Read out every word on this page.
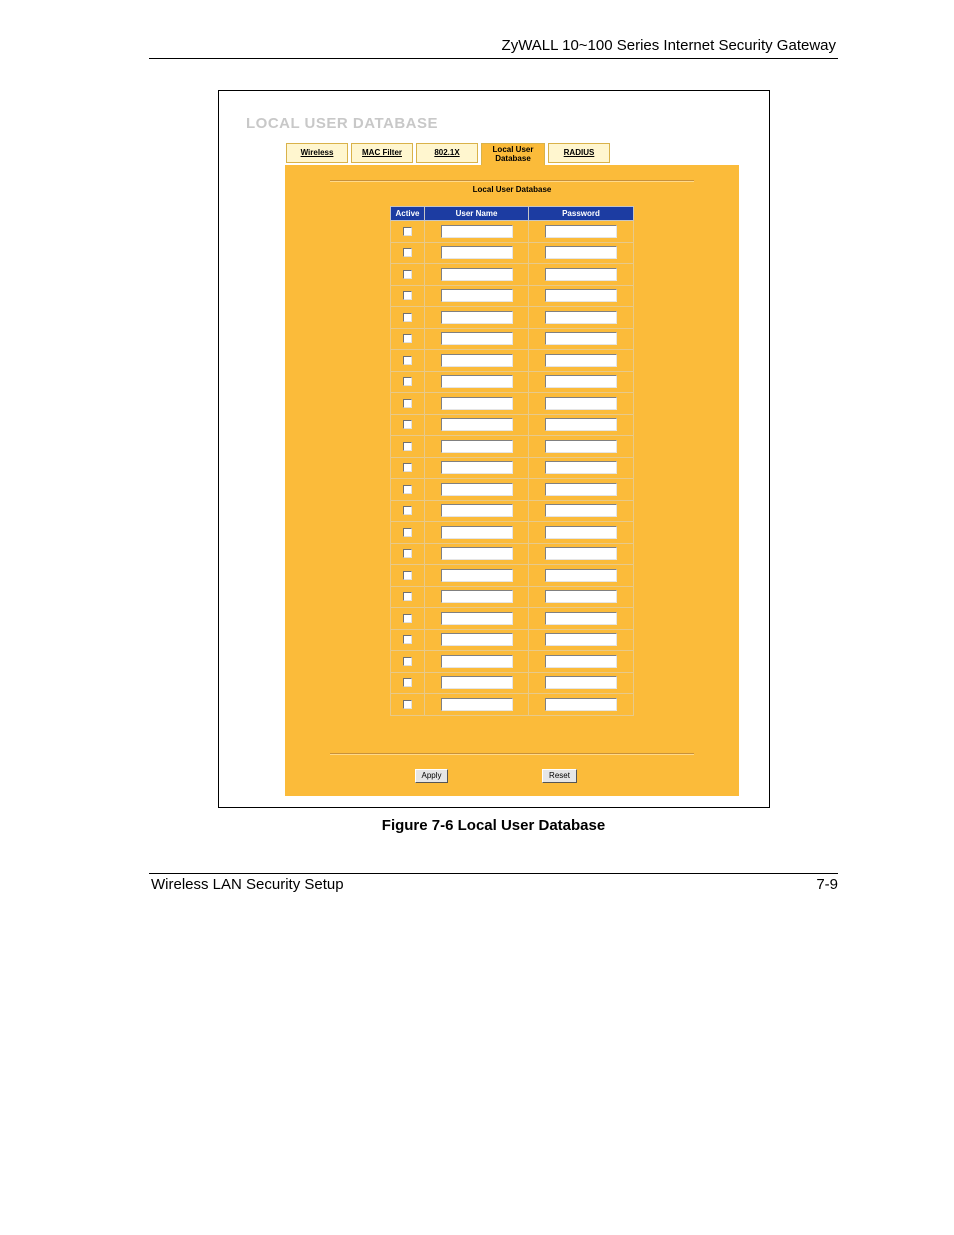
ZyWALL 10~100 Series Internet Security Gateway
LOCAL USER DATABASE
Wireless	MAC Filter	802.1X	Local User Database
RADIUS
Local User Database
Active	User Name	Password

Apply	Reset
Figure 7-6 Local User Database
Wireless LAN Security Setup	7-9
